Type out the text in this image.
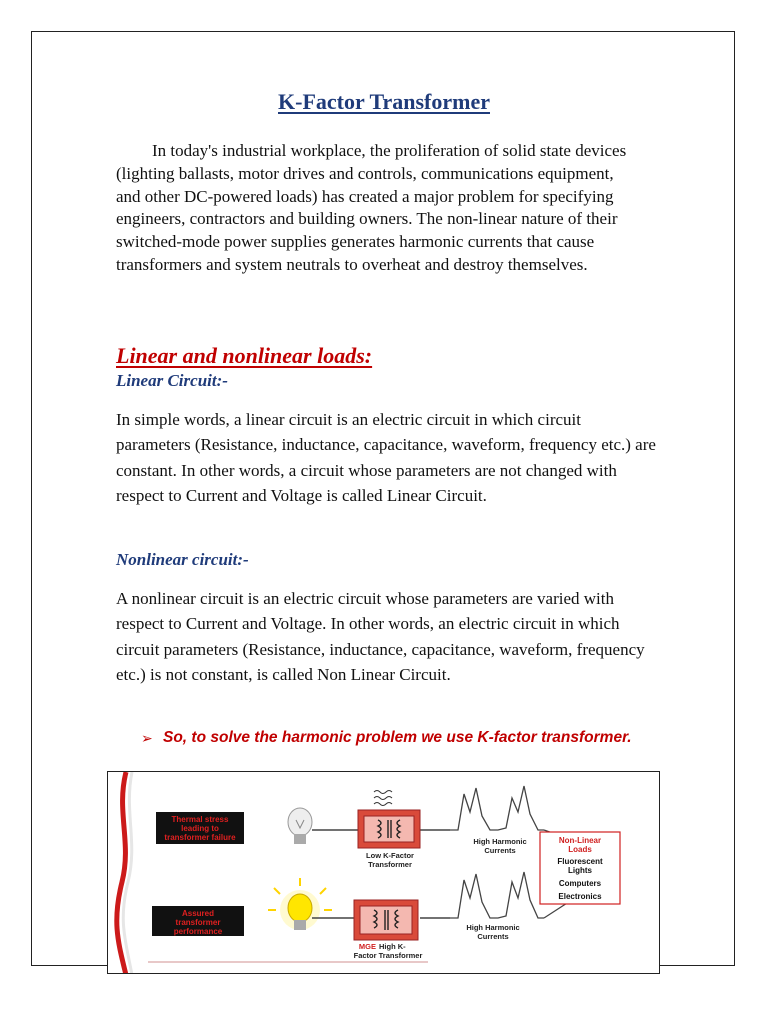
K-Factor Transformer

In today's industrial workplace, the proliferation of solid state devices (lighting ballasts, motor drives and controls, communications equipment, and other DC-powered loads) has created a major problem for specifying engineers, contractors and building owners. The non-linear nature of their switched-mode power supplies generates harmonic currents that cause transformers and system neutrals to overheat and destroy themselves.

Linear and nonlinear loads:
Linear Circuit:-

In simple words, a linear circuit is an electric circuit in which circuit parameters (Resistance, inductance, capacitance, waveform, frequency etc.) are constant. In other words, a circuit whose parameters are not changed with respect to Current and Voltage is called Linear Circuit.

Nonlinear circuit:-

A nonlinear circuit is an electric circuit whose parameters are varied with respect to Current and Voltage. In other words, an electric circuit in which circuit parameters (Resistance, inductance, capacitance, waveform, frequency etc.) is not constant, is called Non Linear Circuit.

➢ So, to solve the harmonic problem we use K-factor transformer.
Thermal stress
leading to
transformer failure
Assured
transformer
performance
Low K-Factor
Transformer
MGE High K-
Factor Transformer
High Harmonic
Currents
High Harmonic
Currents
Non-Linear
Loads
Fluorescent
Lights
Computers
Electronics
